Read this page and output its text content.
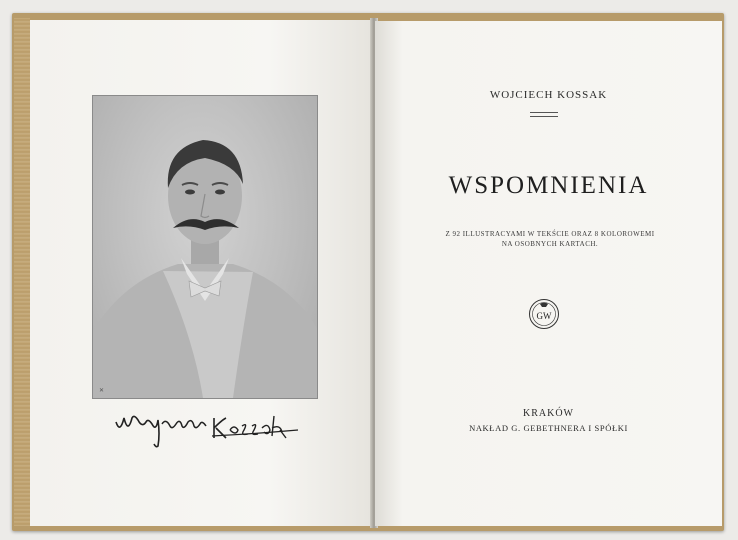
✕
WOJCIECH KOSSAK
WSPOMNIENIA
Z 92 ILLUSTRACYAMI W TEKŚCIE ORAZ 8 KOLOROWEMI
NA OSOBNYCH KARTACH.
GW
KRAKÓW
NAKŁAD G. GEBETHNERA I SPÓŁKI
